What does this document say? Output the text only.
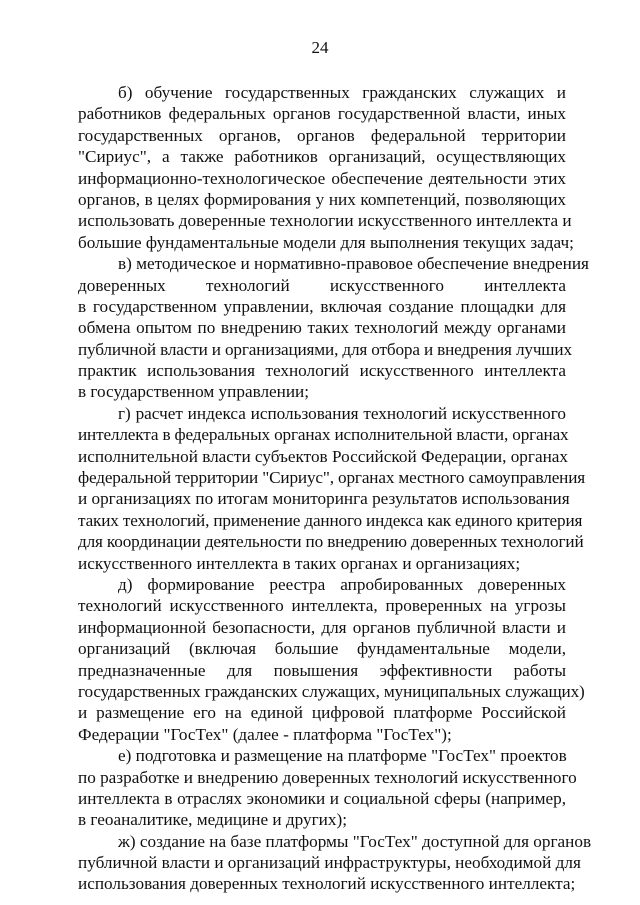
24
б) обучение государственных гражданских служащих и
работников федеральных органов государственной власти, иных
государственных органов, органов федеральной территории
"Сириус", а также работников организаций, осуществляющих
информационно-технологическое обеспечение деятельности этих
органов, в целях формирования у них компетенций, позволяющих
использовать доверенные технологии искусственного интеллекта и
большие фундаментальные модели для выполнения текущих задач;
в) методическое и нормативно-правовое обеспечение внедрения
доверенных технологий искусственного интеллекта
в государственном управлении, включая создание площадки для
обмена опытом по внедрению таких технологий между органами
публичной власти и организациями, для отбора и внедрения лучших
практик использования технологий искусственного интеллекта
в государственном управлении;
г) расчет индекса использования технологий искусственного
интеллекта в федеральных органах исполнительной власти, органах
исполнительной власти субъектов Российской Федерации, органах
федеральной территории "Сириус", органах местного самоуправления
и организациях по итогам мониторинга результатов использования
таких технологий, применение данного индекса как единого критерия
для координации деятельности по внедрению доверенных технологий
искусственного интеллекта в таких органах и организациях;
д) формирование реестра апробированных доверенных
технологий искусственного интеллекта, проверенных на угрозы
информационной безопасности, для органов публичной власти и
организаций (включая большие фундаментальные модели,
предназначенные для повышения эффективности работы
государственных гражданских служащих, муниципальных служащих)
и размещение его на единой цифровой платформе Российской
Федерации "ГосТех" (далее - платформа "ГосТех");
е) подготовка и размещение на платформе "ГосТех" проектов
по разработке и внедрению доверенных технологий искусственного
интеллекта в отраслях экономики и социальной сферы (например,
в геоаналитике, медицине и других);
ж) создание на базе платформы "ГосТех" доступной для органов
публичной власти и организаций инфраструктуры, необходимой для
использования доверенных технологий искусственного интеллекта;
